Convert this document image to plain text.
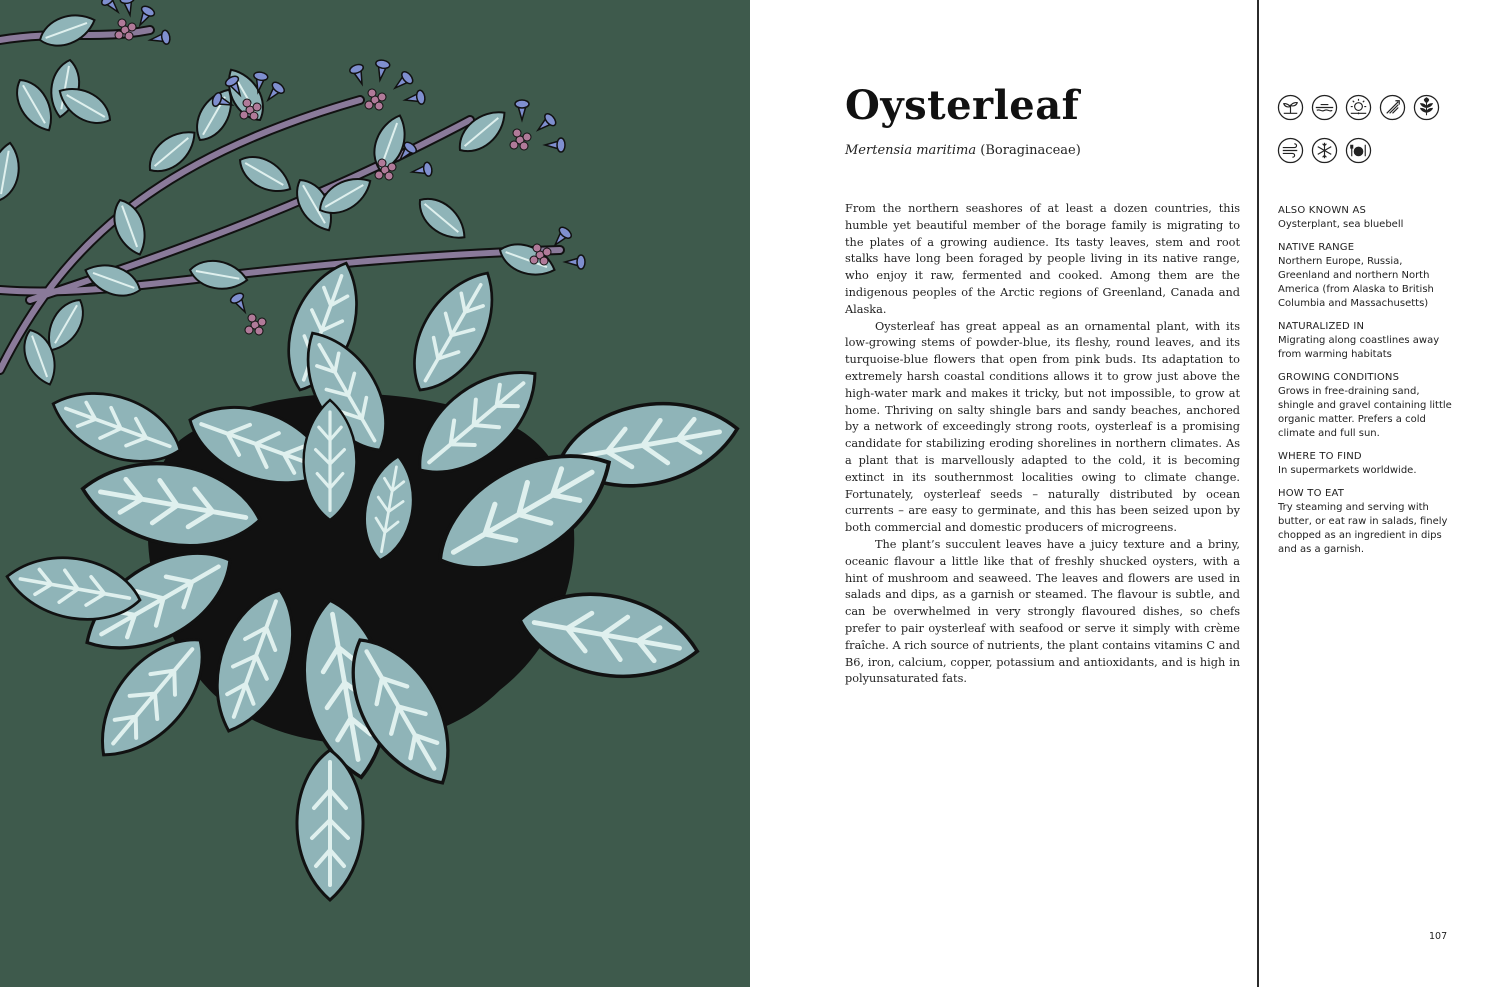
Oysterleaf
Mertensia maritima (Boraginaceae)

From the northern seashores of at least a dozen countries, this humble yet beautiful member of the borage family is migrating to the plates of a growing audience. Its tasty leaves, stem and root stalks have long been foraged by people living in its native range, who enjoy it raw, fermented and cooked. Among them are the indigenous peoples of the Arctic regions of Greenland, Canada and Alaska.

Oysterleaf has great appeal as an ornamental plant, with its low-growing stems of powder-blue, its fleshy, round leaves, and its turquoise-blue flowers that open from pink buds. Its adaptation to extremely harsh coastal conditions allows it to grow just above the high-water mark and makes it tricky, but not impossible, to grow at home. Thriving on salty shingle bars and sandy beaches, anchored by a network of exceedingly strong roots, oysterleaf is a promising candidate for stabilizing eroding shorelines in northern climates. As a plant that is marvellously adapted to the cold, it is becoming extinct in its southernmost localities owing to climate change. Fortunately, oysterleaf seeds – naturally distributed by ocean currents – are easy to germinate, and this has been seized upon by both commercial and domestic producers of microgreens.

The plant’s succulent leaves have a juicy texture and a briny, oceanic flavour a little like that of freshly shucked oysters, with a hint of mushroom and seaweed. The leaves and flowers are used in salads and dips, as a garnish or steamed. The flavour is subtle, and can be overwhelmed in very strongly flavoured dishes, so chefs prefer to pair oysterleaf with seafood or serve it simply with crème fraîche. A rich source of nutrients, the plant contains vitamins C and B6, iron, calcium, copper, potassium and antioxidants, and is high in polyunsaturated fats.

ALSO KNOWN AS
Oysterplant, sea bluebell
NATIVE RANGE
Northern Europe, Russia, Greenland and northern North America (from Alaska to British Columbia and Massachusetts)
NATURALIZED IN
Migrating along coastlines away from warming habitats
GROWING CONDITIONS
Grows in free-draining sand, shingle and gravel containing little organic matter. Prefers a cold climate and full sun.
WHERE TO FIND
In supermarkets worldwide.
HOW TO EAT
Try steaming and serving with butter, or eat raw in salads, finely chopped as an ingredient in dips and as a garnish.
107
